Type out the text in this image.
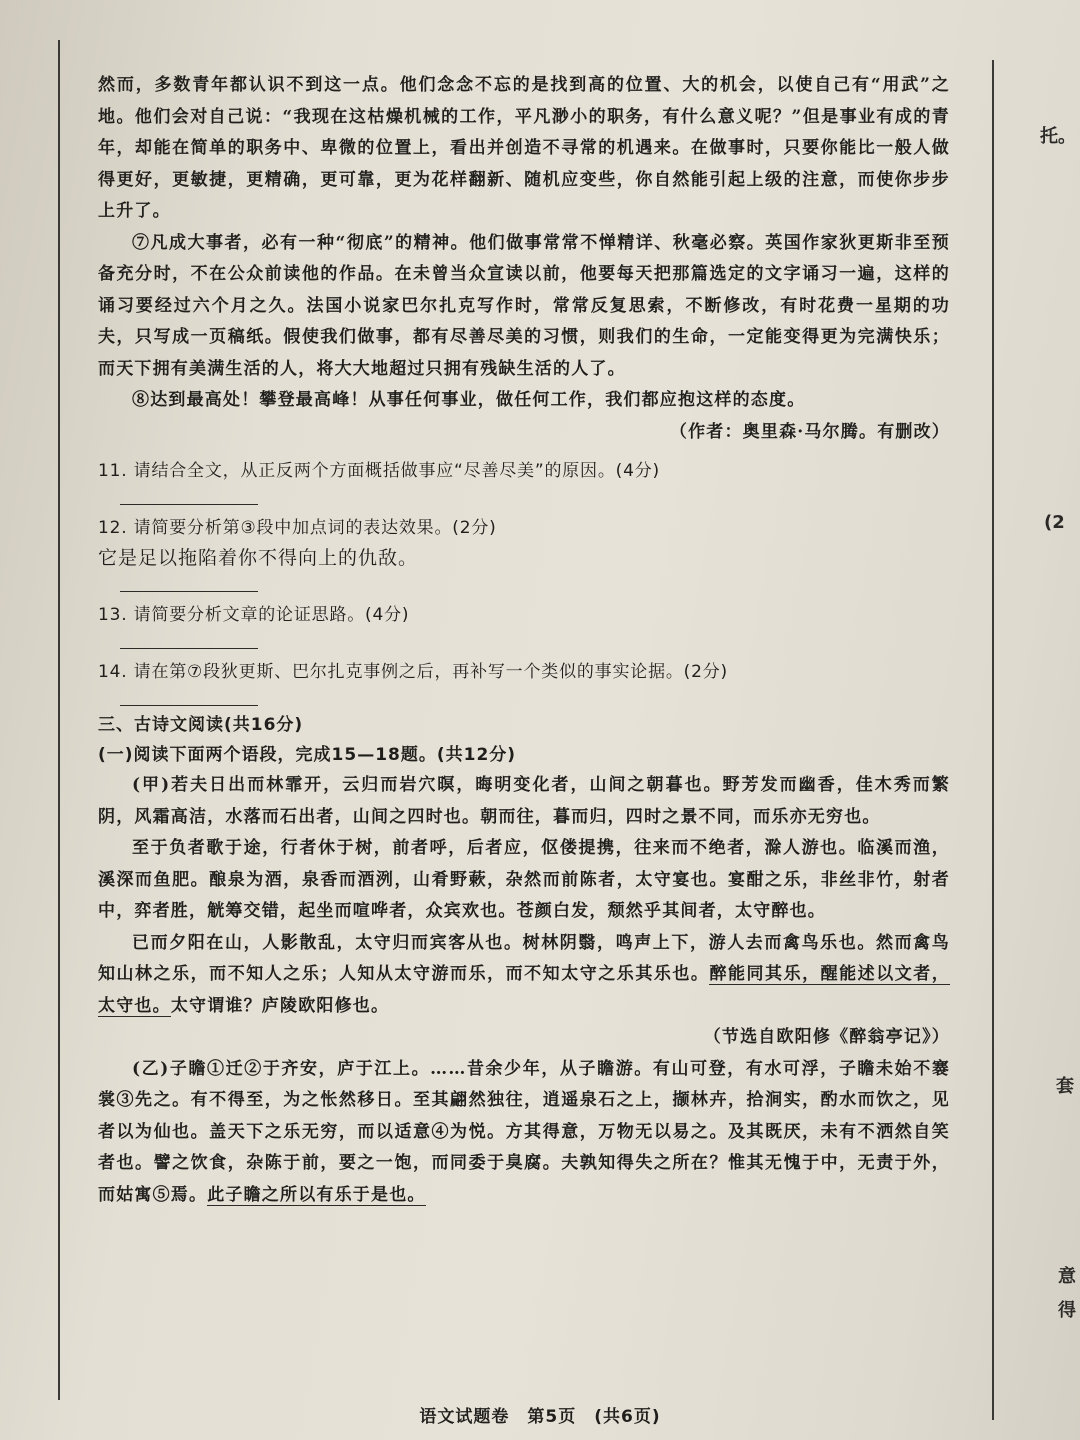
然而，多数青年都认识不到这一点。他们念念不忘的是找到高的位置、大的机会，以使自己有“用武”之地。他们会对自己说：“我现在这枯燥机械的工作，平凡渺小的职务，有什么意义呢？”但是事业有成的青年，却能在简单的职务中、卑微的位置上，看出并创造不寻常的机遇来。在做事时，只要你能比一般人做得更好，更敏捷，更精确，更可靠，更为花样翻新、随机应变些，你自然能引起上级的注意，而使你步步上升了。

⑦凡成大事者，必有一种“彻底”的精神。他们做事常常不惮精详、秋毫必察。英国作家狄更斯非至预备充分时，不在公众前读他的作品。在未曾当众宣读以前，他要每天把那篇选定的文字诵习一遍，这样的诵习要经过六个月之久。法国小说家巴尔扎克写作时，常常反复思索，不断修改，有时花费一星期的功夫，只写成一页稿纸。假使我们做事，都有尽善尽美的习惯，则我们的生命，一定能变得更为完满快乐；而天下拥有美满生活的人，将大大地超过只拥有残缺生活的人了。

⑧达到最高处！攀登最高峰！从事任何事业，做任何工作，我们都应抱这样的态度。

（作者：奥里森·马尔腾。有删改）

11. 请结合全文，从正反两个方面概括做事应“尽善尽美”的原因。(4分)

12. 请简要分析第③段中加点词的表达效果。(2分)

它是足以拖陷着你不得向上的仇敌。

13. 请简要分析文章的论证思路。(4分)

14. 请在第⑦段狄更斯、巴尔扎克事例之后，再补写一个类似的事实论据。(2分)

三、古诗文阅读(共16分)

(一)阅读下面两个语段，完成15—18题。(共12分)

(甲)若夫日出而林霏开，云归而岩穴暝，晦明变化者，山间之朝暮也。野芳发而幽香，佳木秀而繁阴，风霜高洁，水落而石出者，山间之四时也。朝而往，暮而归，四时之景不同，而乐亦无穷也。

至于负者歌于途，行者休于树，前者呼，后者应，伛偻提携，往来而不绝者，滁人游也。临溪而渔，溪深而鱼肥。酿泉为酒，泉香而酒洌，山肴野蔌，杂然而前陈者，太守宴也。宴酣之乐，非丝非竹，射者中，弈者胜，觥筹交错，起坐而喧哗者，众宾欢也。苍颜白发，颓然乎其间者，太守醉也。

已而夕阳在山，人影散乱，太守归而宾客从也。树林阴翳，鸣声上下，游人去而禽鸟乐也。然而禽鸟知山林之乐，而不知人之乐；人知从太守游而乐，而不知太守之乐其乐也。醉能同其乐，醒能述以文者，太守也。太守谓谁？庐陵欧阳修也。

（节选自欧阳修《醉翁亭记》）

(乙)子瞻①迁②于齐安，庐于江上。……昔余少年，从子瞻游。有山可登，有水可浮，子瞻未始不褰裳③先之。有不得至，为之怅然移日。至其翩然独往，逍遥泉石之上，撷林卉，拾涧实，酌水而饮之，见者以为仙也。盖天下之乐无穷，而以适意④为悦。方其得意，万物无以易之。及其既厌，未有不洒然自笑者也。譬之饮食，杂陈于前，要之一饱，而同委于臭腐。夫孰知得失之所在？惟其无愧于中，无责于外，而姑寓⑤焉。此子瞻之所以有乐于是也。

语文试题卷　第5页　(共6页)
托。
(2
套
意
得
